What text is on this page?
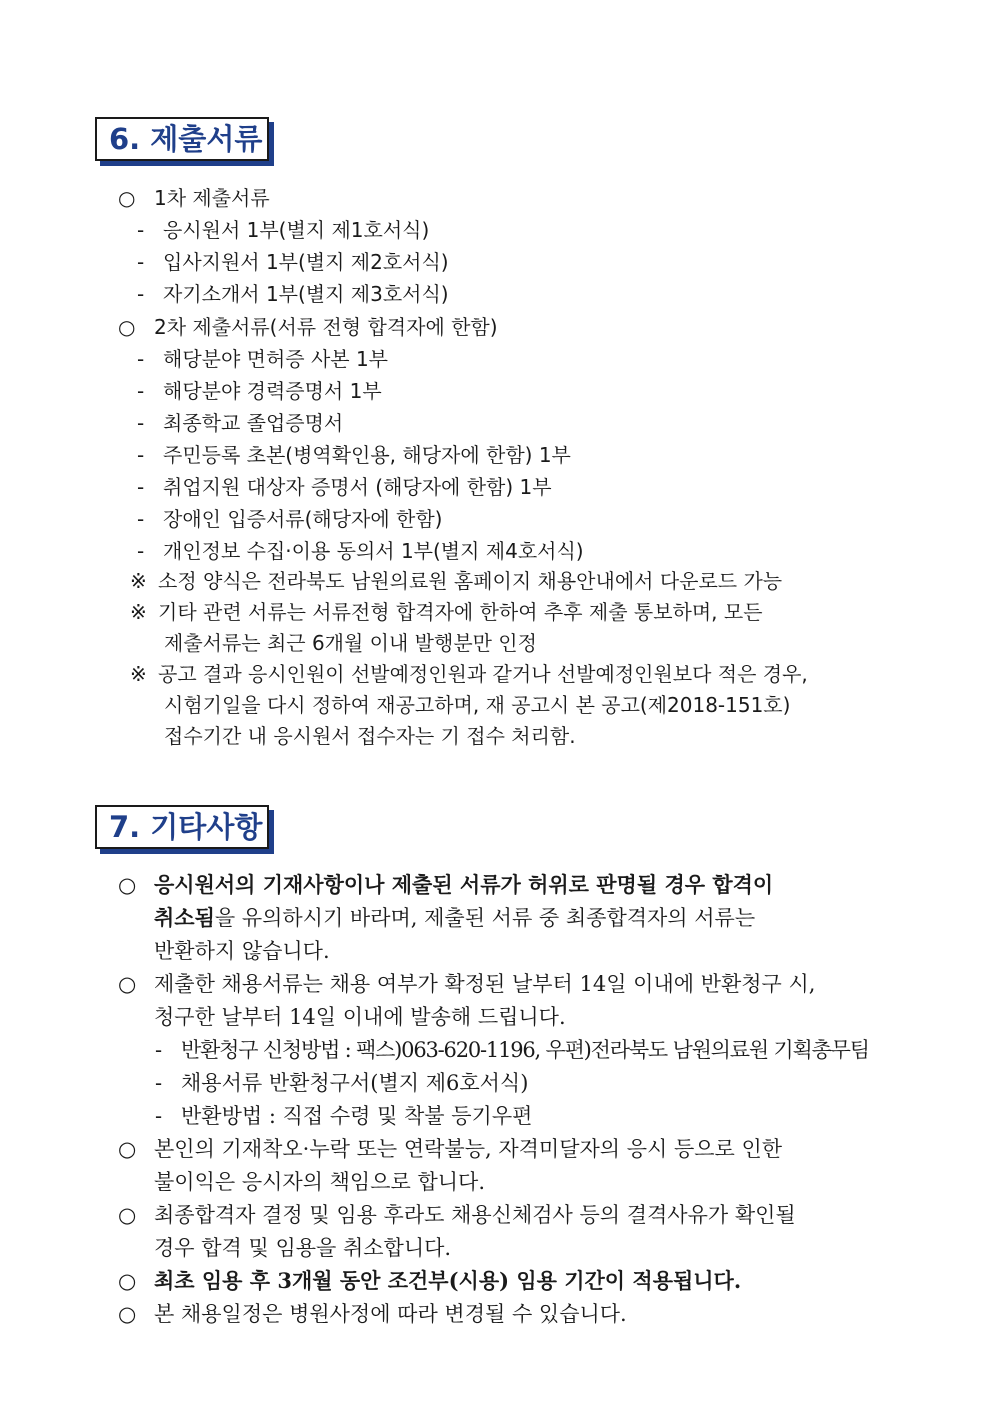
6. 제출서류
○ 1차 제출서류
- 응시원서 1부(별지 제1호서식)
- 입사지원서 1부(별지 제2호서식)
- 자기소개서 1부(별지 제3호서식)
○ 2차 제출서류(서류 전형 합격자에 한함)
- 해당분야 면허증 사본 1부
- 해당분야 경력증명서 1부
- 최종학교 졸업증명서
- 주민등록 초본(병역확인용, 해당자에 한함) 1부
- 취업지원 대상자 증명서 (해당자에 한함) 1부
- 장애인 입증서류(해당자에 한함)
- 개인정보 수집·이용 동의서 1부(별지 제4호서식)
※ 소정 양식은 전라북도 남원의료원 홈페이지 채용안내에서 다운로드 가능
※ 기타 관련 서류는 서류전형 합격자에 한하여 추후 제출 통보하며, 모든
제출서류는 최근 6개월 이내 발행분만 인정
※ 공고 결과 응시인원이 선발예정인원과 같거나 선발예정인원보다 적은 경우,
시험기일을 다시 정하여 재공고하며, 재 공고시 본 공고(제2018-151호)
접수기간 내 응시원서 접수자는 기 접수 처리함.
7. 기타사항
○ 응시원서의 기재사항이나 제출된 서류가 허위로 판명될 경우 합격이
취소됨을 유의하시기 바라며, 제출된 서류 중 최종합격자의 서류는
반환하지 않습니다.
○ 제출한 채용서류는 채용 여부가 확정된 날부터 14일 이내에 반환청구 시,
청구한 날부터 14일 이내에 발송해 드립니다.
- 반환청구 신청방법 : 팩스)063-620-1196, 우편)전라북도 남원의료원 기획총무팀
- 채용서류 반환청구서(별지 제6호서식)
- 반환방법 : 직접 수령 및 착불 등기우편
○ 본인의 기재착오·누락 또는 연락불능, 자격미달자의 응시 등으로 인한
불이익은 응시자의 책임으로 합니다.
○ 최종합격자 결정 및 임용 후라도 채용신체검사 등의 결격사유가 확인될
경우 합격 및 임용을 취소합니다.
○ 최초 임용 후 3개월 동안 조건부(시용) 임용 기간이 적용됩니다.
○ 본 채용일정은 병원사정에 따라 변경될 수 있습니다.
